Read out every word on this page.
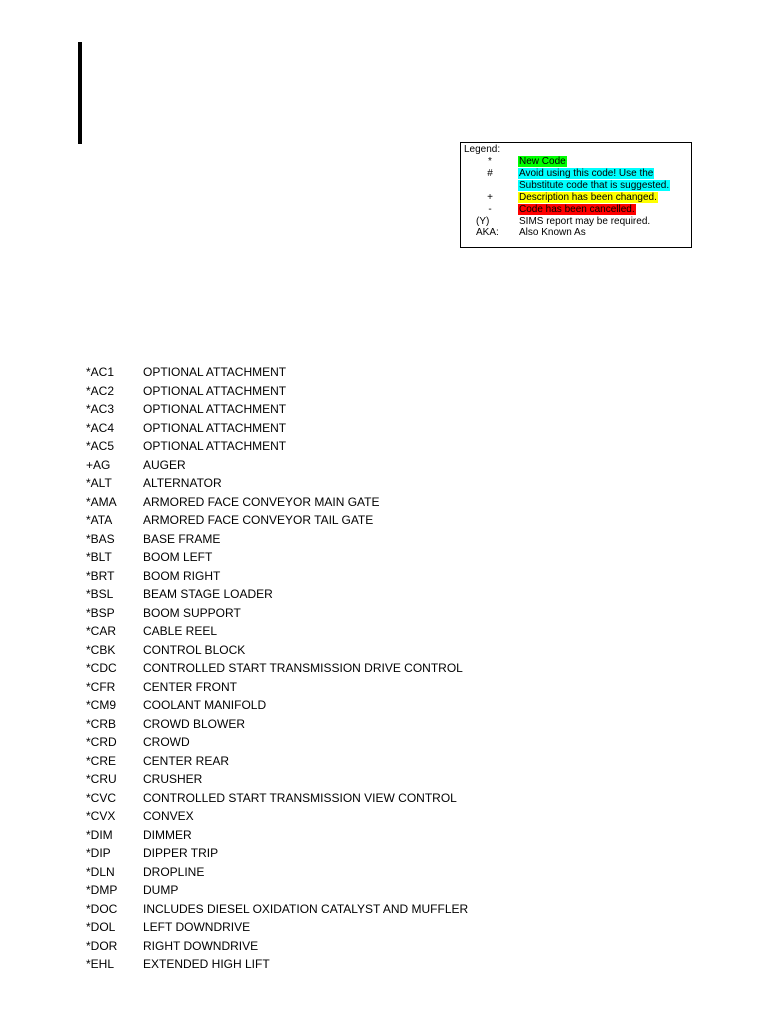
Legend:
*	New Code
#	Avoid using this code! Use the
Substitute code that is suggested.
+	Description has been changed.
-	Code has been cancelled.
(Y)	SIMS report may be required.
AKA:	Also Known As
*AC1 OPTIONAL ATTACHMENT
*AC2 OPTIONAL ATTACHMENT
*AC3 OPTIONAL ATTACHMENT
*AC4 OPTIONAL ATTACHMENT
*AC5 OPTIONAL ATTACHMENT
+AG	AUGER
*ALT	ALTERNATOR
*AMA ARMORED FACE CONVEYOR MAIN GATE
*ATA	ARMORED FACE CONVEYOR TAIL GATE
*BAS BASE FRAME
*BLT	BOOM LEFT
*BRT BOOM RIGHT
*BSL BEAM STAGE LOADER
*BSP BOOM SUPPORT
*CAR CABLE REEL
*CBK CONTROL BLOCK
*CDC CONTROLLED START TRANSMISSION DRIVE CONTROL
*CFR CENTER FRONT
*CM9 COOLANT MANIFOLD
*CRB CROWD BLOWER
*CRD CROWD
*CRE CENTER REAR
*CRU CRUSHER
*CVC CONTROLLED START TRANSMISSION VIEW CONTROL
*CVX CONVEX
*DIM	DIMMER
*DIP	DIPPER TRIP
*DLN DROPLINE
*DMP DUMP
*DOC INCLUDES DIESEL OXIDATION CATALYST AND MUFFLER
*DOL LEFT DOWNDRIVE
*DOR RIGHT DOWNDRIVE
*EHL EXTENDED HIGH LIFT
